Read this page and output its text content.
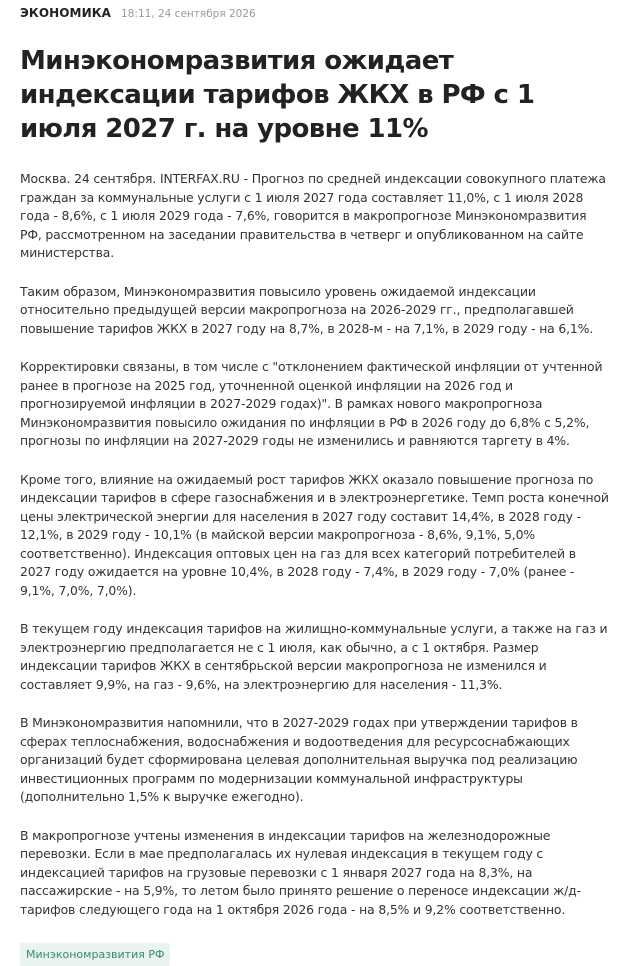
ЭКОНОМИКА 18:11, 24 сентября 2026
Минэкономразвития ожидает индексации тарифов ЖКХ в РФ с 1 июля 2027 г. на уровне 11%

Москва. 24 сентября. INTERFAX.RU - Прогноз по средней индексации совокупного платежа граждан за коммунальные услуги с 1 июля 2027 года составляет 11,0%, с 1 июля 2028 года - 8,6%, с 1 июля 2029 года - 7,6%, говорится в макропрогнозе Минэкономразвития РФ, рассмотренном на заседании правительства в четверг и опубликованном на сайте министерства.

Таким образом, Минэкономразвития повысило уровень ожидаемой индексации относительно предыдущей версии макропрогноза на 2026-2029 гг., предполагавшей повышение тарифов ЖКХ в 2027 году на 8,7%, в 2028-м - на 7,1%, в 2029 году - на 6,1%.

Корректировки связаны, в том числе с "отклонением фактической инфляции от учтенной ранее в прогнозе на 2025 год, уточненной оценкой инфляции на 2026 год и прогнозируемой инфляции в 2027-2029 годах)". В рамках нового макропрогноза Минэкономразвития повысило ожидания по инфляции в РФ в 2026 году до 6,8% с 5,2%, прогнозы по инфляции на 2027-2029 годы не изменились и равняются таргету в 4%.

Кроме того, влияние на ожидаемый рост тарифов ЖКХ оказало повышение прогноза по индексации тарифов в сфере газоснабжения и в электроэнергетике. Темп роста конечной цены электрической энергии для населения в 2027 году составит 14,4%, в 2028 году - 12,1%, в 2029 году - 10,1% (в майской версии макропрогноза - 8,6%, 9,1%, 5,0% соответственно). Индексация оптовых цен на газ для всех категорий потребителей в 2027 году ожидается на уровне 10,4%, в 2028 году - 7,4%, в 2029 году - 7,0% (ранее - 9,1%, 7,0%, 7,0%).

В текущем году индексация тарифов на жилищно-коммунальные услуги, а также на газ и электроэнергию предполагается не с 1 июля, как обычно, а с 1 октября. Размер индексации тарифов ЖКХ в сентябрьской версии макропрогноза не изменился и составляет 9,9%, на газ - 9,6%, на электроэнергию для населения - 11,3%.

В Минэкономразвития напомнили, что в 2027-2029 годах при утверждении тарифов в сферах теплоснабжения, водоснабжения и водоотведения для ресурсоснабжающих организаций будет сформирована целевая дополнительная выручка под реализацию инвестиционных программ по модернизации коммунальной инфраструктуры (дополнительно 1,5% к выручке ежегодно).

В макропрогнозе учтены изменения в индексации тарифов на железнодорожные перевозки. Если в мае предполагалась их нулевая индексация в текущем году с индексацией тарифов на грузовые перевозки с 1 января 2027 года на 8,3%, на пассажирские - на 5,9%, то летом было принято решение о переносе индексации ж/д-тарифов следующего года на 1 октября 2026 года - на 8,5% и 9,2% соответственно.

Минэкономразвития РФ
